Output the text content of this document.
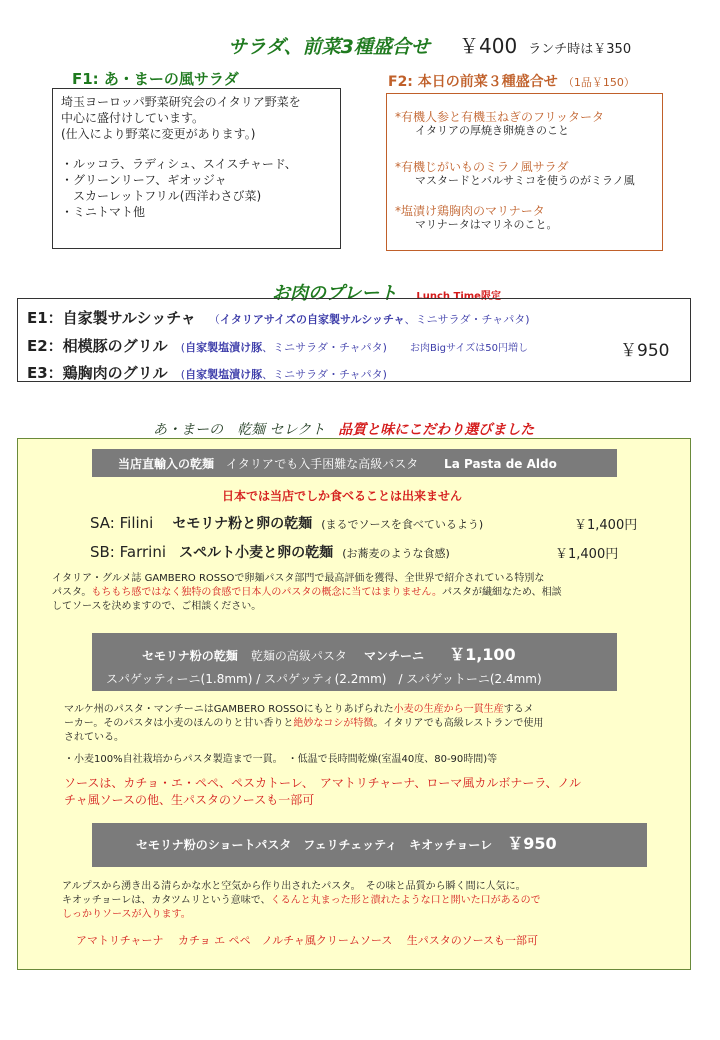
サラダ、前菜3種盛合せ ￥400 ランチ時は￥350
F1: あ・まーの風サラダ

埼玉ヨーロッパ野菜研究会のイタリア野菜を

中心に盛付けしています。

(仕入により野菜に変更があります。)

・ルッコラ、ラディシュ、スイスチャード、

・グリーンリーフ、ギオッジャ

　スカーレットフリル(西洋わさび菜)

・ミニトマト他

F2: 本日の前菜３種盛合せ （1品￥150）

*有機人参と有機玉ねぎのフリッタータ

イタリアの厚焼き卵焼きのこと

*有機じがいものミラノ風サラダ

マスタードとバルサミコを使うのがミラノ風

*塩漬け鶏胸肉のマリナータ

マリナータはマリネのこと。

お肉のプレート Lunch Time限定
E1：自家製サルシッチャ （イタリアサイズの自家製サルシッチャ、ミニサラダ・チャパタ)
E2：相模豚のグリル (自家製塩漬け豚、ミニサラダ・チャパタ) お肉Bigサイズは50円増し
E3：鶏胸肉のグリル (自家製塩漬け豚、ミニサラダ・チャパタ)
￥950
あ・まーの　乾麺 セレクト 品質と味にこだわり選びました
当店直輸入の乾麺 イタリアでも入手困難な高級パスタ La Pasta de Aldo
日本では当店でしか食べることは出来ません
SA: Filini セモリナ粉と卵の乾麺 (まるでソースを食べているよう)	￥1,400円
SB: Farrini スペルト小麦と卵の乾麺 (お蕎麦のような食感)	￥1,400円

イタリア・グルメ誌 GAMBERO ROSSOで卵麺パスタ部門で最高評価を獲得、全世界で紹介されている特別な

パスタ。もちもち感ではなく独特の食感で日本人のパスタの概念に当てはまりません。パスタが繊細なため、相談

してソースを決めますので、ご相談ください。

セモリナ粉の乾麺 乾麺の高級パスタ マンチーニ ￥1,100
スパゲッティーニ(1.8mm) / スパゲッティ(2.2mm)　/ スパゲットーニ(2.4mm)

マルケ州のパスタ・マンチーニはGAMBERO ROSSOにもとりあげられた小麦の生産から一貫生産するメ

ーカー。そのパスタは小麦のほんのりと甘い香りと絶妙なコシが特徴。イタリアでも高級レストランで使用

されている。

・小麦100%自社栽培からパスタ製造まで一貫。　・低温で長時間乾燥(室温40度、80-90時間)等

ソースは、カチョ・エ・ペペ、ペスカトーレ、　アマトリチャーナ、ローマ風カルボナーラ、ノル

チャ風ソースの他、生パスタのソースも一部可

セモリナ粉のショートパスタ　フェリチェッティ　キオッチョーレ ￥950

アルプスから湧き出る清らかな水と空気から作り出されたパスタ。　その味と品質から瞬く間に人気に。

キオッチョーレは、カタツムリという意味で、くるんと丸まった形と潰れたような口と開いた口があるので

しっかりソースが入ります。

アマトリチャーナ　 カチョ エ ペペ　ノルチャ風クリームソース　 生パスタのソースも一部可
